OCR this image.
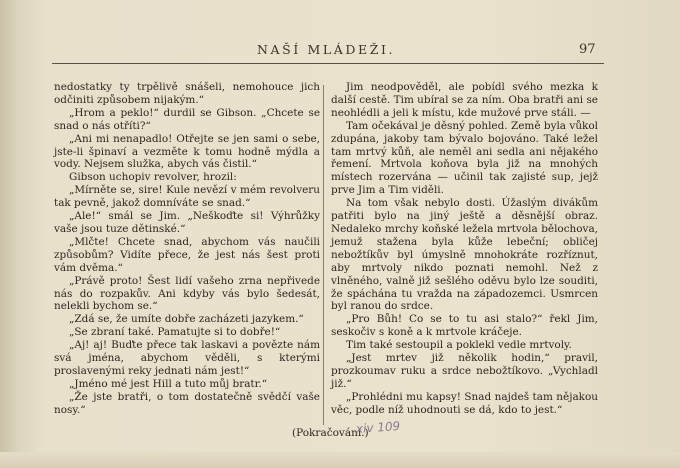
NAŠÍ MLÁDEŽI.	97

nedostatky ty trpělivě snášeli, nemohouce jich odčiniti způsobem nijakým.“

„Hrom a peklo!“ durdil se Gibson. „Chcete se snad o nás otříti?“

„Ani mi nenapadlo! Otřejte se jen sami o sebe, jste-li špinaví a vezměte k tomu hodně mýdla a vody. Nejsem služka, abych vás čistil.“

Gibson uchopiv revolver, hrozil:

„Mírněte se, sire! Kule nevězí v mém revolveru tak pevně, jakož domníváte se snad.“

„Ale!“ smál se Jim. „Neškoďte si! Výhrůžky vaše jsou tuze dětinské.“

„Mlčte! Chcete snad, abychom vás naučili způsobům? Vidíte přece, že jest nás šest proti vám dvěma.“

„Právě proto! Šest lidí vašeho zrna nepřivede nás do rozpakův. Ani kdyby vás bylo šedesát, nelekli bychom se.“

„Zdá se, že umíte dobře zacházeti jazykem.“

„Se zbraní také. Pamatujte si to dobře!“

„Aj! aj! Buďte přece tak laskavi a povězte nám svá jména, abychom věděli, s kterými proslavenými reky jednati nám jest!“

„Jméno mé jest Hill a tuto můj bratr.“

„Že jste bratři, o tom dostatečně svědčí vaše nosy.“

Jim neodpověděl, ale pobídl svého mezka k další cestě. Tim ubíral se za ním. Oba bratři ani se neohlédli a jeli k místu, kde mužové prve stáli. —

Tam očekával je děsný pohled. Země byla vůkol zdupána, jakoby tam bývalo bojováno. Také ležel tam mrtvý kůň, ale neměl ani sedla ani nějakého řemení. Mrtvola koňova byla již na mnohých místech rozervána — učinil tak zajisté sup, jejž prve Jim a Tim viděli.

Na tom však nebylo dosti. Úžaslým divákům patřiti bylo na jiný ještě a děsnější obraz. Nedaleko mrchy koňské ležela mrtvola bělochova, jemuž stažena byla kůže lebeční; obličej nebožtíkův byl úmyslně mnohokráte rozříznut, aby mrtvoly nikdo poznati nemohl. Než z vlněného, valně již sešlého oděvu bylo lze souditi, že spáchána tu vražda na západozemci. Usmrcen byl ranou do srdce.

„Pro Bůh! Co se to tu asi stalo?“ řekl Jim, seskočiv s koně a k mrtvole kráčeje.

Tim také sestoupil a poklekl vedle mrtvoly.

„Jest mrtev již několik hodin,“ pravil, prozkoumav ruku a srdce nebožtíkovo. „Vychladl již.“

„Prohlédni mu kapsy! Snad najdeš tam nějakou věc, podle níž uhodnouti se dá, kdo to jest.“

(Pokračování.)
xiv 109
